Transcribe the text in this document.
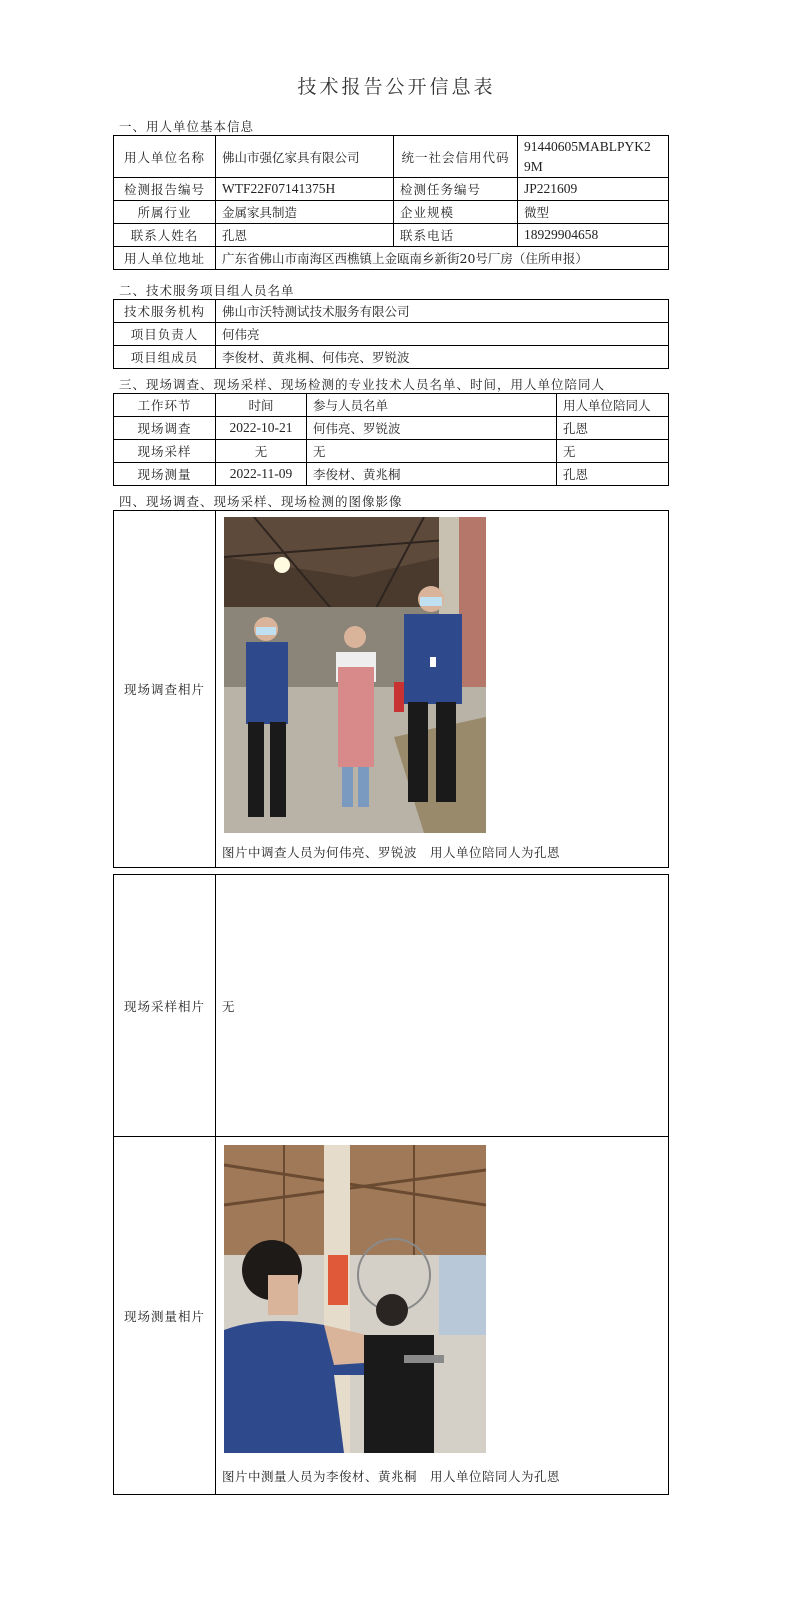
技术报告公开信息表
一、用人单位基本信息
用人单位名称	佛山市强亿家具有限公司	统一社会信用代码	91440605MABLPYK2
9M
检测报告编号	WTF22F07141375H	检测任务编号	JP221609
所属行业	金属家具制造	企业规模	微型
联系人姓名	孔恩	联系电话	18929904658
用人单位地址	广东省佛山市南海区西樵镇上金瓯南乡新街20号厂房（住所申报）		
二、技术服务项目组人员名单
技术服务机构	佛山市沃特测试技术服务有限公司
项目负责人	何伟亮
项目组成员	李俊材、黄兆桐、何伟亮、罗锐波
三、现场调查、现场采样、现场检测的专业技术人员名单、时间，用人单位陪同人
工作环节	时间	参与人员名单	用人单位陪同人
现场调查	2022-10-21	何伟亮、罗锐波	孔恩
现场采样	无	无	无
现场测量	2022-11-09	李俊材、黄兆桐	孔恩
四、现场调查、现场采样、现场检测的图像影像
现场调查相片	
图片中调查人员为何伟亮、罗锐波　用人单位陪同人为孔恩
现场采样相片	无
现场测量相片	图片中测量人员为李俊材、黄兆桐　用人单位陪同人为孔恩
